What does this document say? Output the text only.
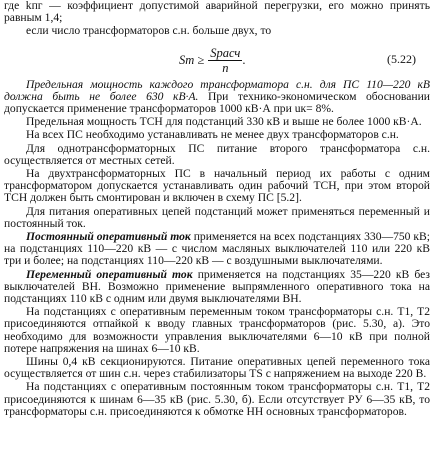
где kпг — коэффициент допустимой аварийной перегрузки, его можно принять равным 1,4;

если число трансформаторов с.н. больше двух, то

Sт ≥ $\frac{\text{Sрасч}}{n}$ .	(5.22)

Предельная мощность каждого трансформатора с.н. для ПС 110—220 кВ должна быть не более 630 кВ·А. При технико-экономическом обосновании допускается применение трансформаторов 1000 кВ·А при uк= 8%.

Предельная мощность ТСН для подстанций 330 кВ и выше не более 1000 кВ·А.

На всех ПС необходимо устанавливать не менее двух трансформаторов с.н.

Для однотрансформаторных ПС питание второго трансформатора с.н. осуществляется от местных сетей.

На двухтрансформаторных ПС в начальный период их работы с одним трансформатором допускается устанавливать один рабочий ТСН, при этом второй ТСН должен быть смонтирован и включен в схему ПС [5.2].

Для питания оперативных цепей подстанций может применяться переменный и постоянный ток.

Постоянный оперативный ток применяется на всех подстанциях 330—750 кВ; на подстанциях 110—220 кВ — с числом масляных выключателей 110 или 220 кВ три и более; на подстанциях 110—220 кВ — с воздушными выключателями.

Переменный оперативный ток применяется на подстанциях 35—220 кВ без выключателей ВН. Возможно применение выпрямленного оперативного тока на подстанциях 110 кВ с одним или двумя выключателями ВН.

На подстанциях с оперативным переменным током трансформаторы с.н. T1, T2 присоединяются отпайкой к вводу главных трансформаторов (рис. 5.30, а). Это необходимо для возможности управления выключателями 6—10 кВ при полной потере напряжения на шинах 6—10 кВ.

Шины 0,4 кВ секционируются. Питание оперативных цепей переменного тока осуществляется от шин с.н. через стабилизаторы TS с напряжением на выходе 220 В.

На подстанциях с оперативным постоянным током трансформаторы с.н. T1, T2 присоединяются к шинам 6—35 кВ (рис. 5.30, б). Если отсутствует РУ 6—35 кВ, то трансформаторы с.н. присоединяются к обмотке НН основных трансформаторов.
